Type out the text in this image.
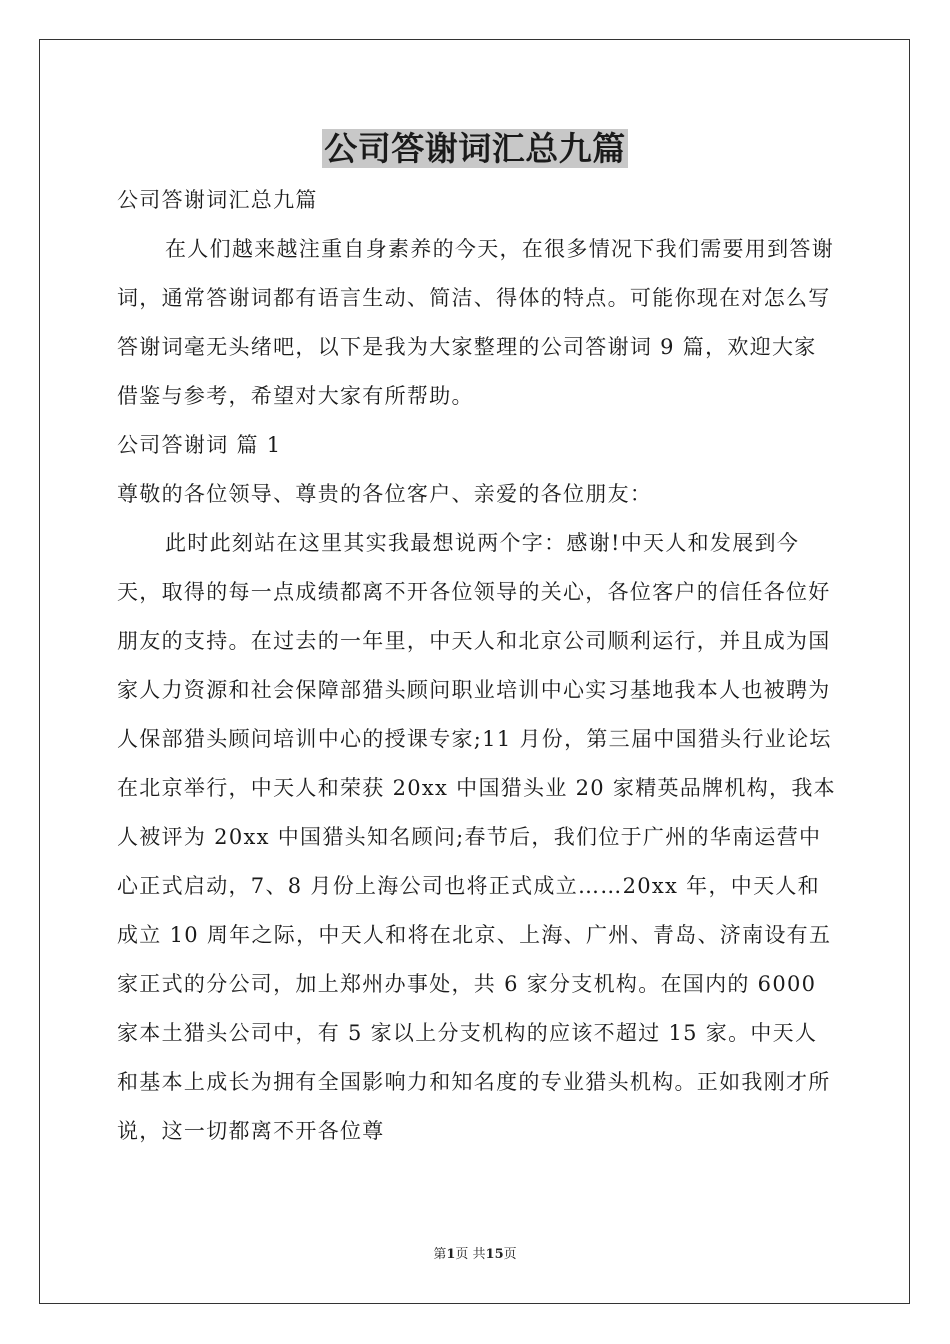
公司答谢词汇总九篇

公司答谢词汇总九篇

在人们越来越注重自身素养的今天，在很多情况下我们需要用到答谢词，通常答谢词都有语言生动、简洁、得体的特点。可能你现在对怎么写答谢词毫无头绪吧，以下是我为大家整理的公司答谢词 9 篇，欢迎大家借鉴与参考，希望对大家有所帮助。

公司答谢词 篇 1

尊敬的各位领导、尊贵的各位客户、亲爱的各位朋友：

此时此刻站在这里其实我最想说两个字：感谢!中天人和发展到今天，取得的每一点成绩都离不开各位领导的关心，各位客户的信任各位好朋友的支持。在过去的一年里，中天人和北京公司顺利运行，并且成为国家人力资源和社会保障部猎头顾问职业培训中心实习基地我本人也被聘为人保部猎头顾问培训中心的授课专家;11 月份，第三届中国猎头行业论坛在北京举行，中天人和荣获 20xx 中国猎头业 20 家精英品牌机构，我本人被评为 20xx 中国猎头知名顾问;春节后，我们位于广州的华南运营中心正式启动，7、8 月份上海公司也将正式成立……20xx 年，中天人和成立 10 周年之际，中天人和将在北京、上海、广州、青岛、济南设有五家正式的分公司，加上郑州办事处，共 6 家分支机构。在国内的 6000 家本土猎头公司中，有 5 家以上分支机构的应该不超过 15 家。中天人和基本上成长为拥有全国影响力和知名度的专业猎头机构。正如我刚才所说，这一切都离不开各位尊

第1页 共15页
